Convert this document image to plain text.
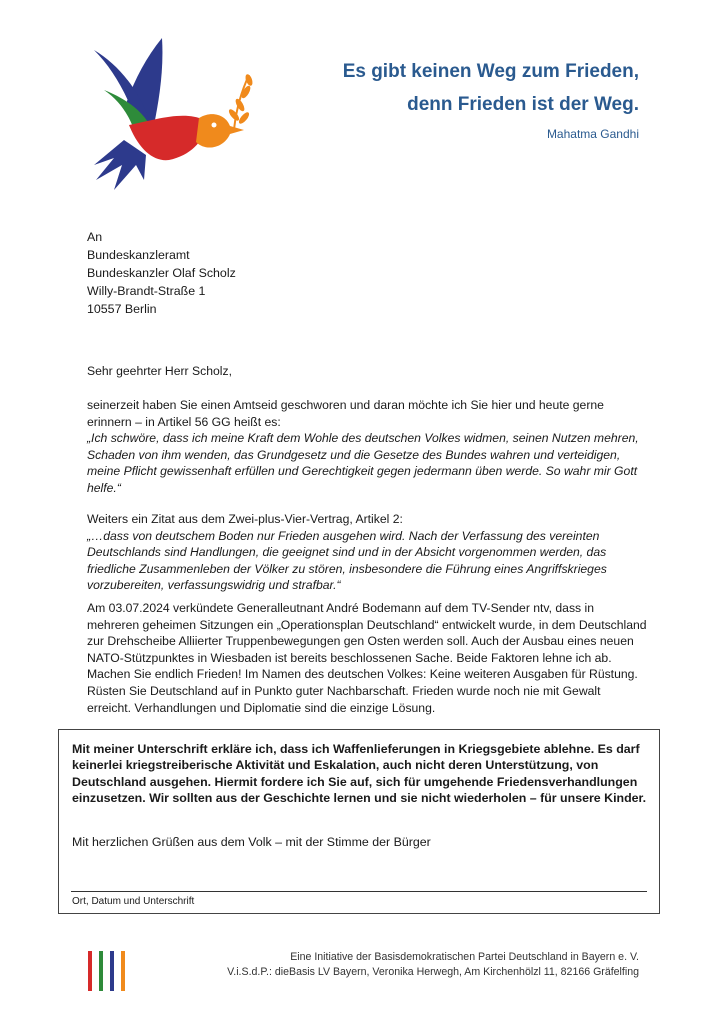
Es gibt keinen Weg zum Frieden,
denn Frieden ist der Weg.
Mahatma Gandhi
An
Bundeskanzleramt
Bundeskanzler Olaf Scholz
Willy-Brandt-Straße 1
10557 Berlin
Sehr geehrter Herr Scholz,

seinerzeit haben Sie einen Amtseid geschworen und daran möchte ich Sie hier und heute gerne erinnern – in Artikel 56 GG heißt es:

„Ich schwöre, dass ich meine Kraft dem Wohle des deutschen Volkes widmen, seinen Nutzen mehren, Schaden von ihm wenden, das Grundgesetz und die Gesetze des Bundes wahren und verteidigen, meine Pflicht gewissenhaft erfüllen und Gerechtigkeit gegen jedermann üben werde. So wahr mir Gott helfe.“

Weiters ein Zitat aus dem Zwei-plus-Vier-Vertrag, Artikel 2:

„…dass von deutschem Boden nur Frieden ausgehen wird. Nach der Verfassung des vereinten Deutschlands sind Handlungen, die geeignet sind und in der Absicht vorgenommen werden, das friedliche Zusammenleben der Völker zu stören, insbesondere die Führung eines Angriffskrieges vorzubereiten, verfassungswidrig und strafbar.“

Am 03.07.2024 verkündete Generalleutnant André Bodemann auf dem TV-Sender ntv, dass in mehreren geheimen Sitzungen ein „Operationsplan Deutschland“ entwickelt wurde, in dem Deutschland zur Drehscheibe Alliierter Truppenbewegungen gen Osten werden soll. Auch der Ausbau eines neuen NATO-Stützpunktes in Wiesbaden ist bereits beschlossenen Sache. Beide Faktoren lehne ich ab.

Machen Sie endlich Frieden! Im Namen des deutschen Volkes: Keine weiteren Ausgaben für Rüstung. Rüsten Sie Deutschland auf in Punkto guter Nachbarschaft. Frieden wurde noch nie mit Gewalt erreicht. Verhandlungen und Diplomatie sind die einzige Lösung.

Mit meiner Unterschrift erkläre ich, dass ich Waffenlieferungen in Kriegsgebiete ablehne. Es darf keinerlei kriegstreiberische Aktivität und Eskalation, auch nicht deren Unterstützung, von Deutschland ausgehen. Hiermit fordere ich Sie auf, sich für umgehende Friedensverhandlungen einzusetzen. Wir sollten aus der Geschichte lernen und sie nicht wiederholen – für unsere Kinder.
Mit herzlichen Grüßen aus dem Volk – mit der Stimme der Bürger
Ort, Datum und Unterschrift
Eine Initiative der Basisdemokratischen Partei Deutschland in Bayern e. V.
V.i.S.d.P.: dieBasis LV Bayern, Veronika Herwegh, Am Kirchenhölzl 11, 82166 Gräfelfing
